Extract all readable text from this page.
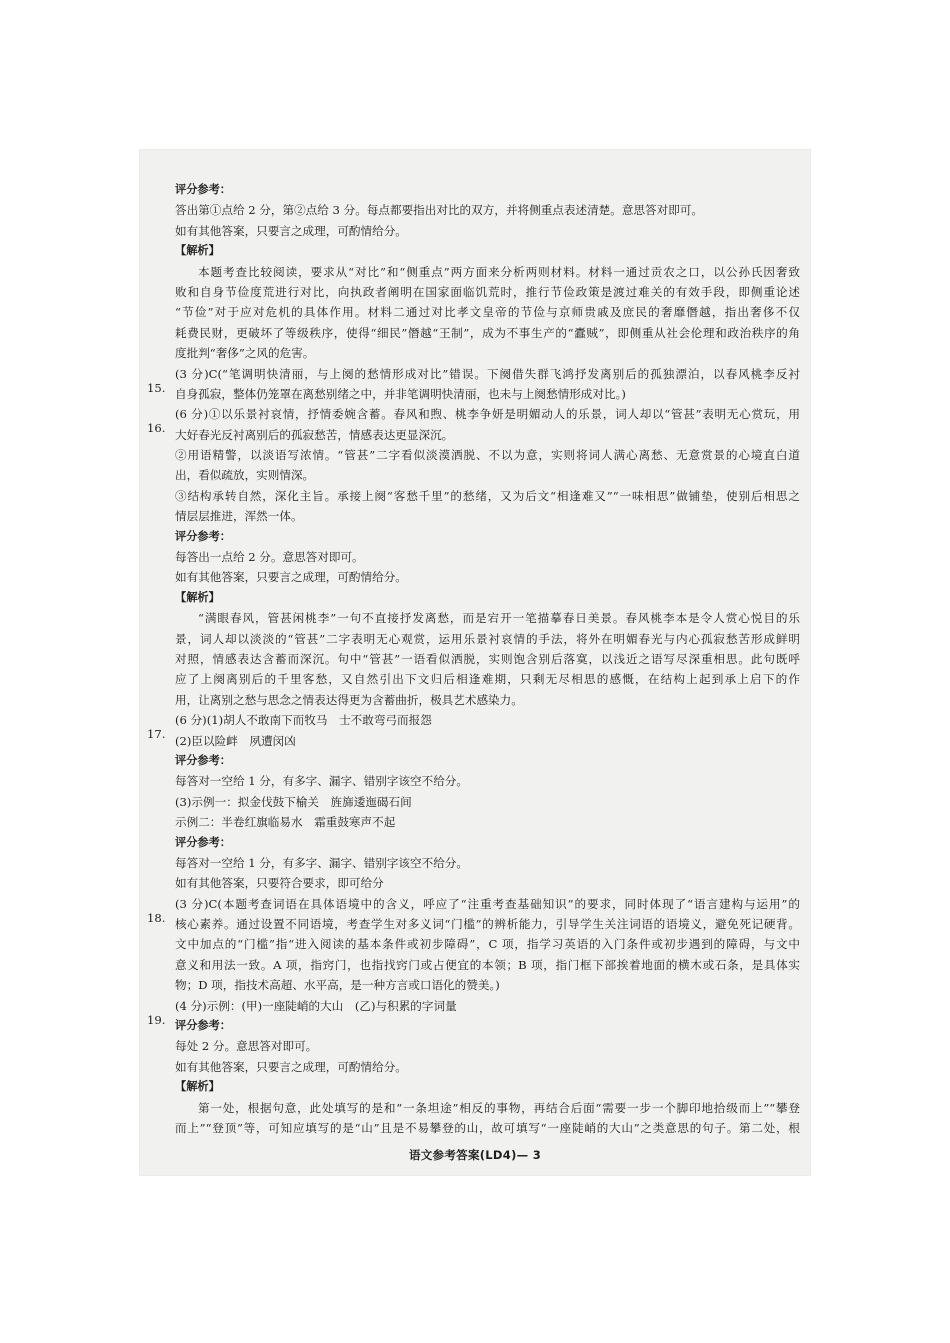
评分参考：
答出第①点给 2 分，第②点给 3 分。每点都要指出对比的双方，并将侧重点表述清楚。意思答对即可。
如有其他答案，只要言之成理，可酌情给分。
【解析】
本题考查比较阅读，要求从“对比”和“侧重点”两方面来分析两则材料。材料一通过贡农之口，以公孙氏因奢致
败和自身节俭度荒进行对比，向执政者阐明在国家面临饥荒时，推行节俭政策是渡过难关的有效手段，即侧重论述
“节俭”对于应对危机的具体作用。材料二通过对比孝文皇帝的节俭与京师贵戚及庶民的奢靡僭越，指出奢侈不仅
耗费民财，更破坏了等级秩序，使得“细民”僭越“王制”，成为不事生产的“蠹贼”，即侧重从社会伦理和政治秩序的角
度批判“奢侈”之风的危害。
15.
(3 分)C(“笔调明快清丽，与上阕的愁情形成对比”错误。下阕借失群飞鸿抒发离别后的孤独漂泊，以春风桃李反衬
自身孤寂，整体仍笼罩在离愁别绪之中，并非笔调明快清丽，也未与上阕愁情形成对比。)
16.
(6 分)①以乐景衬哀情，抒情委婉含蓄。春风和煦、桃李争妍是明媚动人的乐景，词人却以“管甚”表明无心赏玩，用
大好春光反衬离别后的孤寂愁苦，情感表达更显深沉。
②用语精警，以淡语写浓情。“管甚”二字看似淡漠洒脱、不以为意，实则将词人满心离愁、无意赏景的心境直白道
出，看似疏放，实则情深。
③结构承转自然，深化主旨。承接上阕“客愁千里”的愁绪，又为后文“相逢难又”“一味相思”做铺垫，使别后相思之
情层层推进，浑然一体。
评分参考：
每答出一点给 2 分。意思答对即可。
如有其他答案，只要言之成理，可酌情给分。
【解析】
“满眼春风，管甚闲桃李”一句不直接抒发离愁，而是宕开一笔描摹春日美景。春风桃李本是令人赏心悦目的乐
景，词人却以淡淡的“管甚”二字表明无心观赏，运用乐景衬哀情的手法，将外在明媚春光与内心孤寂愁苦形成鲜明
对照，情感表达含蓄而深沉。句中“管甚”一语看似洒脱，实则饱含别后落寞，以浅近之语写尽深重相思。此句既呼
应了上阕离别后的千里客愁，又自然引出下文归后相逢难期，只剩无尽相思的感慨，在结构上起到承上启下的作
用，让离别之愁与思念之情表达得更为含蓄曲折，极具艺术感染力。
17.
(6 分)(1)胡人不敢南下而牧马　士不敢弯弓而报怨
(2)臣以险衅　夙遭闵凶
评分参考：
每答对一空给 1 分，有多字、漏字、错别字该空不给分。
(3)示例一：拟金伐鼓下榆关　旌旆逶迤碣石间
示例二：半卷红旗临易水　霜重鼓寒声不起
评分参考：
每答对一空给 1 分，有多字、漏字、错别字该空不给分。
如有其他答案，只要符合要求，即可给分
18.
(3 分)C(本题考查词语在具体语境中的含义，呼应了“注重考查基础知识”的要求，同时体现了“语言建构与运用”的
核心素养。通过设置不同语境，考查学生对多义词“门槛”的辨析能力，引导学生关注词语的语境义，避免死记硬背。
文中加点的“门槛”指“进入阅读的基本条件或初步障碍”，C 项，指学习英语的入门条件或初步遇到的障碍，与文中
意义和用法一致。A 项，指窍门，也指找窍门或占便宜的本领；B 项，指门框下部挨着地面的横木或石条，是具体实
物；D 项，指技术高超、水平高，是一种方言或口语化的赞美。)
19.
(4 分)示例：(甲)一座陡峭的大山　(乙)与积累的字词量
评分参考：
每处 2 分。意思答对即可。
如有其他答案，只要言之成理，可酌情给分。
【解析】
第一处，根据句意，此处填写的是和“一条坦途”相反的事物，再结合后面“需要一步一个脚印地拾级而上”“攀登
而上”“登顶”等，可知应填写的是“山”且是不易攀登的山，故可填写“一座陡峭的大山”之类意思的句子。第二处，根
语文参考答案(LD4)— 3
